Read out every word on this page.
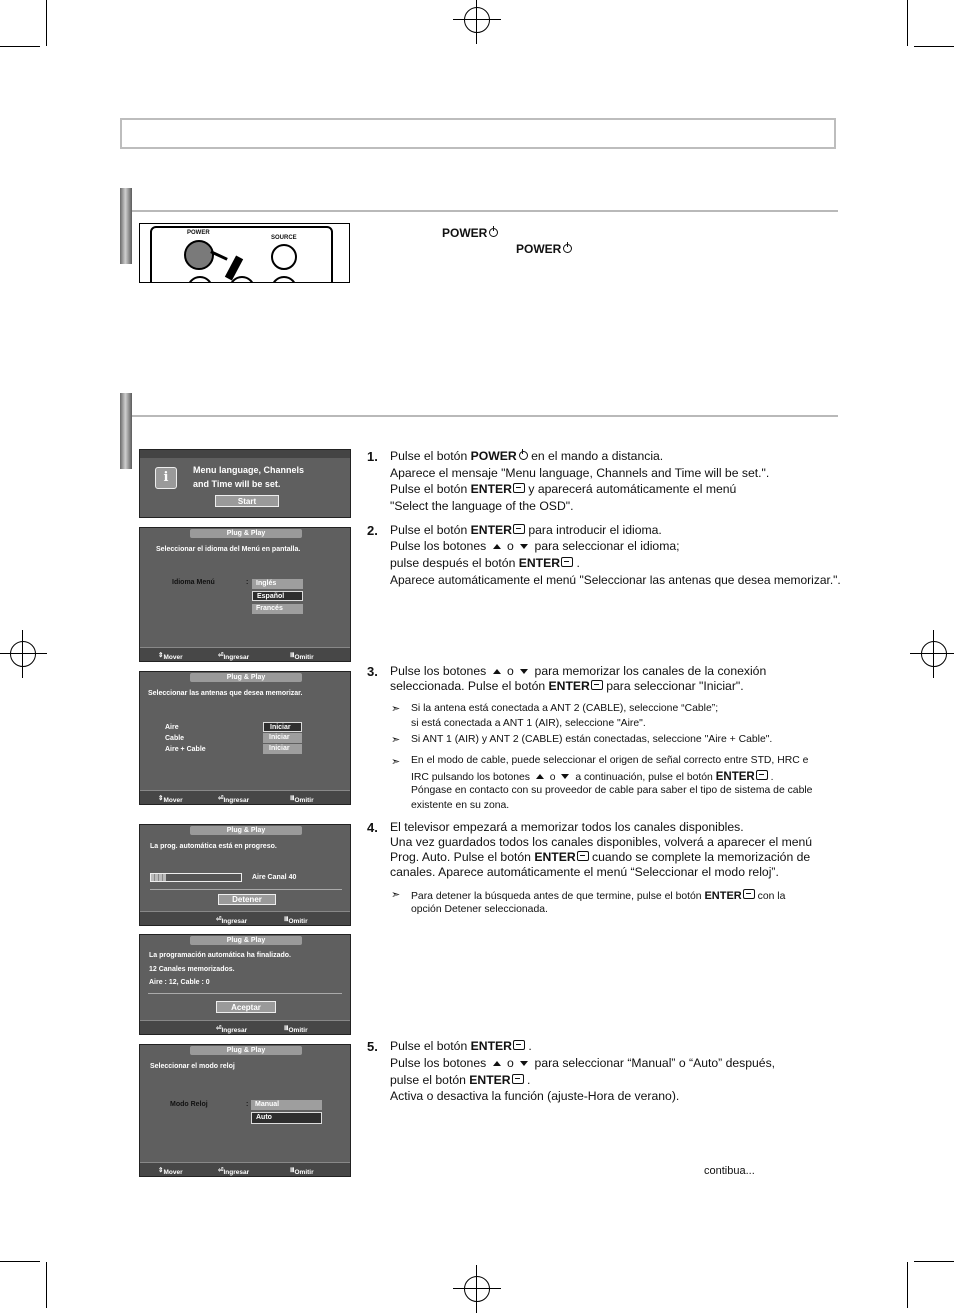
POWER
SOURCE	POWER
POWER
i	Menu language, Channels
and Time will be set.
Start
Plug & Play
Seleccionar el idioma del Menú en pantalla.
Idioma Menú	:	Inglés
Español
Francés
⇕ Mover	⏎ Ingresar	Ⅲ Omitir
Plug & Play
Seleccionar las antenas que desea memorizar.
Aire
Cable
Aire + Cable
Iniciar
Iniciar
Iniciar
⇕ Mover	⏎ Ingresar	Ⅲ Omitir
Plug & Play
La prog. automática está en progreso.
Aire Canal 40
Detener
⏎ Ingresar	Ⅲ Omitir
Plug & Play
La programación automática ha finalizado.
12 Canales memorizados.
Aire : 12, Cable : 0
Aceptar
⏎ Ingresar	Ⅲ Omitir
Plug & Play
Seleccionar el modo reloj
Modo Reloj	: Manual
Auto
⇕ Mover	⏎ Ingresar	Ⅲ Omitir
1. Pulse el botón POWER en el mando a distancia.
Aparece el mensaje "Menu language, Channels and Time will be set.".
Pulse el botón ENTER y aparecerá automáticamente el menú
"Select the language of the OSD".
2. Pulse el botón ENTER para introducir el idioma.
Pulse los botones  o  para seleccionar el idioma;
pulse después el botón ENTER .
Aparece automáticamente el menú "Seleccionar las antenas que desea memorizar.".
3. Pulse los botones  o  para memorizar los canales de la conexión
seleccionada. Pulse el botón ENTER para seleccionar "Iniciar".
➣ Si la antena está conectada a ANT 2 (CABLE), seleccione “Cable”;
si está conectada a ANT 1 (AIR), seleccione "Aire".
➣ Si ANT 1 (AIR) y ANT 2 (CABLE) están conectadas, seleccione "Aire + Cable".
➣ En el modo de cable, puede seleccionar el origen de señal correcto entre STD, HRC e
IRC pulsando los botones  o  a continuación, pulse el botón ENTER .
Póngase en contacto con su proveedor de cable para saber el tipo de sistema de cable
existente en su zona.
4. El televisor empezará a memorizar todos los canales disponibles.
Una vez guardados todos los canales disponibles, volverá a aparecer el menú
Prog. Auto. Pulse el botón ENTER cuando se complete la memorización de
canales. Aparece automáticamente el menú “Seleccionar el modo reloj”.
➣ Para detener la búsqueda antes de que termine, pulse el botón ENTER con la
opción Detener seleccionada.
5. Pulse el botón ENTER .
Pulse los botones  o  para seleccionar “Manual” o “Auto” después,
pulse el botón ENTER .
Activa o desactiva la función (ajuste-Hora de verano).
contibua...
